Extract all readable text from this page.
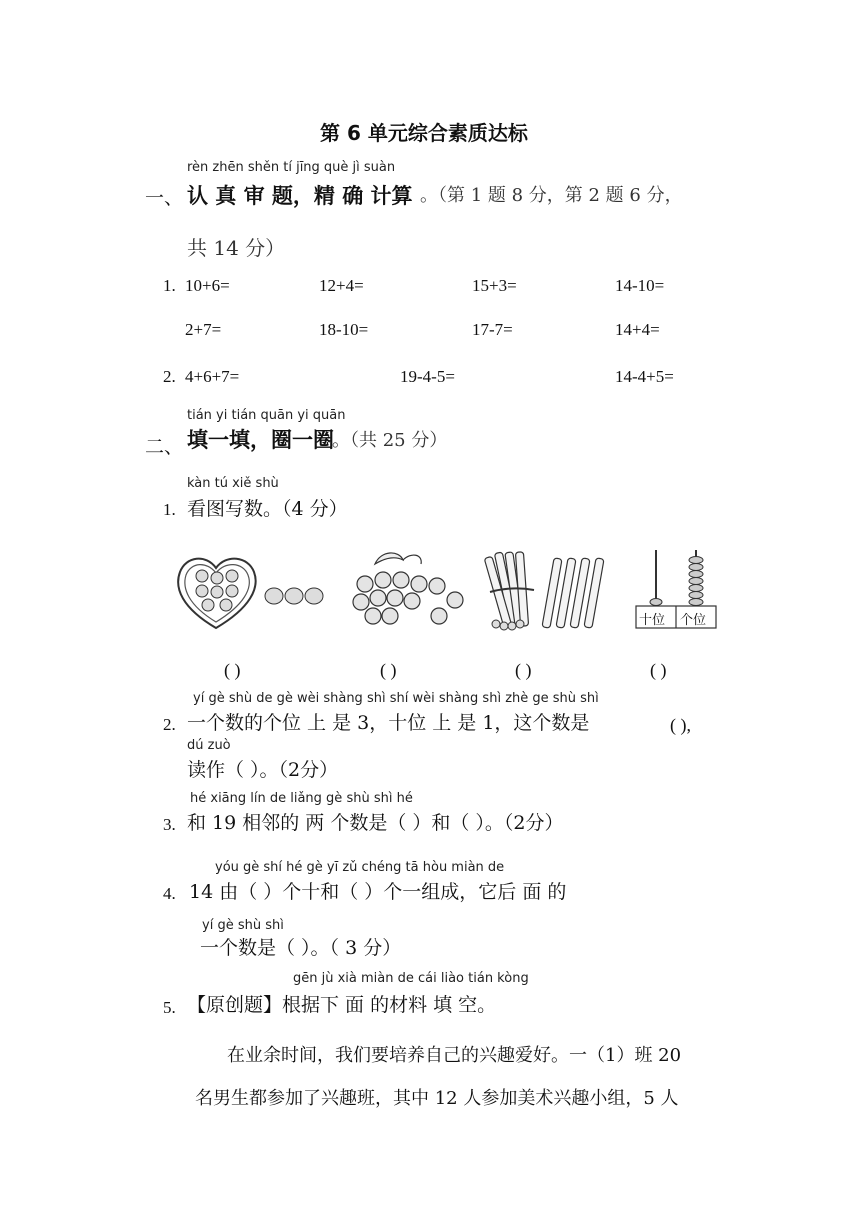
第 6 单元综合素质达标
rèn zhēn shěn tí jīng què jì suàn
一、 认 真 审 题，精 确 计算 。（第 1 题 8 分，第 2 题 6 分，
共 14 分）
1. 10+6=	12+4=	15+3=	14-10=
2+7=	18-10=	17-7=	14+4=
2. 4+6+7=	19-4-5=	14-4+5=
tián yi tián quān yi quān
二、 填一填，圈一圈
。（共 25 分）
kàn tú xiě shù
1. 看图写数。（4 分）
十位 个位
( )	( )	( )	( )
yí gè shù de gè wèi shàng shì shí wèi shàng shì zhè ge shù shì
2. 一个数的个位 上 是 3，十位 上 是 1，这个数是	( ),
dú zuò
读作（ ）。（2分）
hé xiāng lín de liǎng gè shù shì hé
3. 和 19 相邻的 两 个数是（ ）和（ ）。（2分）
yóu gè shí hé gè yī zǔ chéng tā hòu miàn de
4. 14 由（ ）个十和（ ）个一组成，它后 面 的
yí gè shù shì
一个数是（ ）。（ 3 分）
gēn jù xià miàn de cái liào tián kòng
5. 【原创题】根据下 面 的材料 填 空。
在业余时间，我们要培养自己的兴趣爱好。一（1）班 20
名男生都参加了兴趣班，其中 12 人参加美术兴趣小组，5 人
